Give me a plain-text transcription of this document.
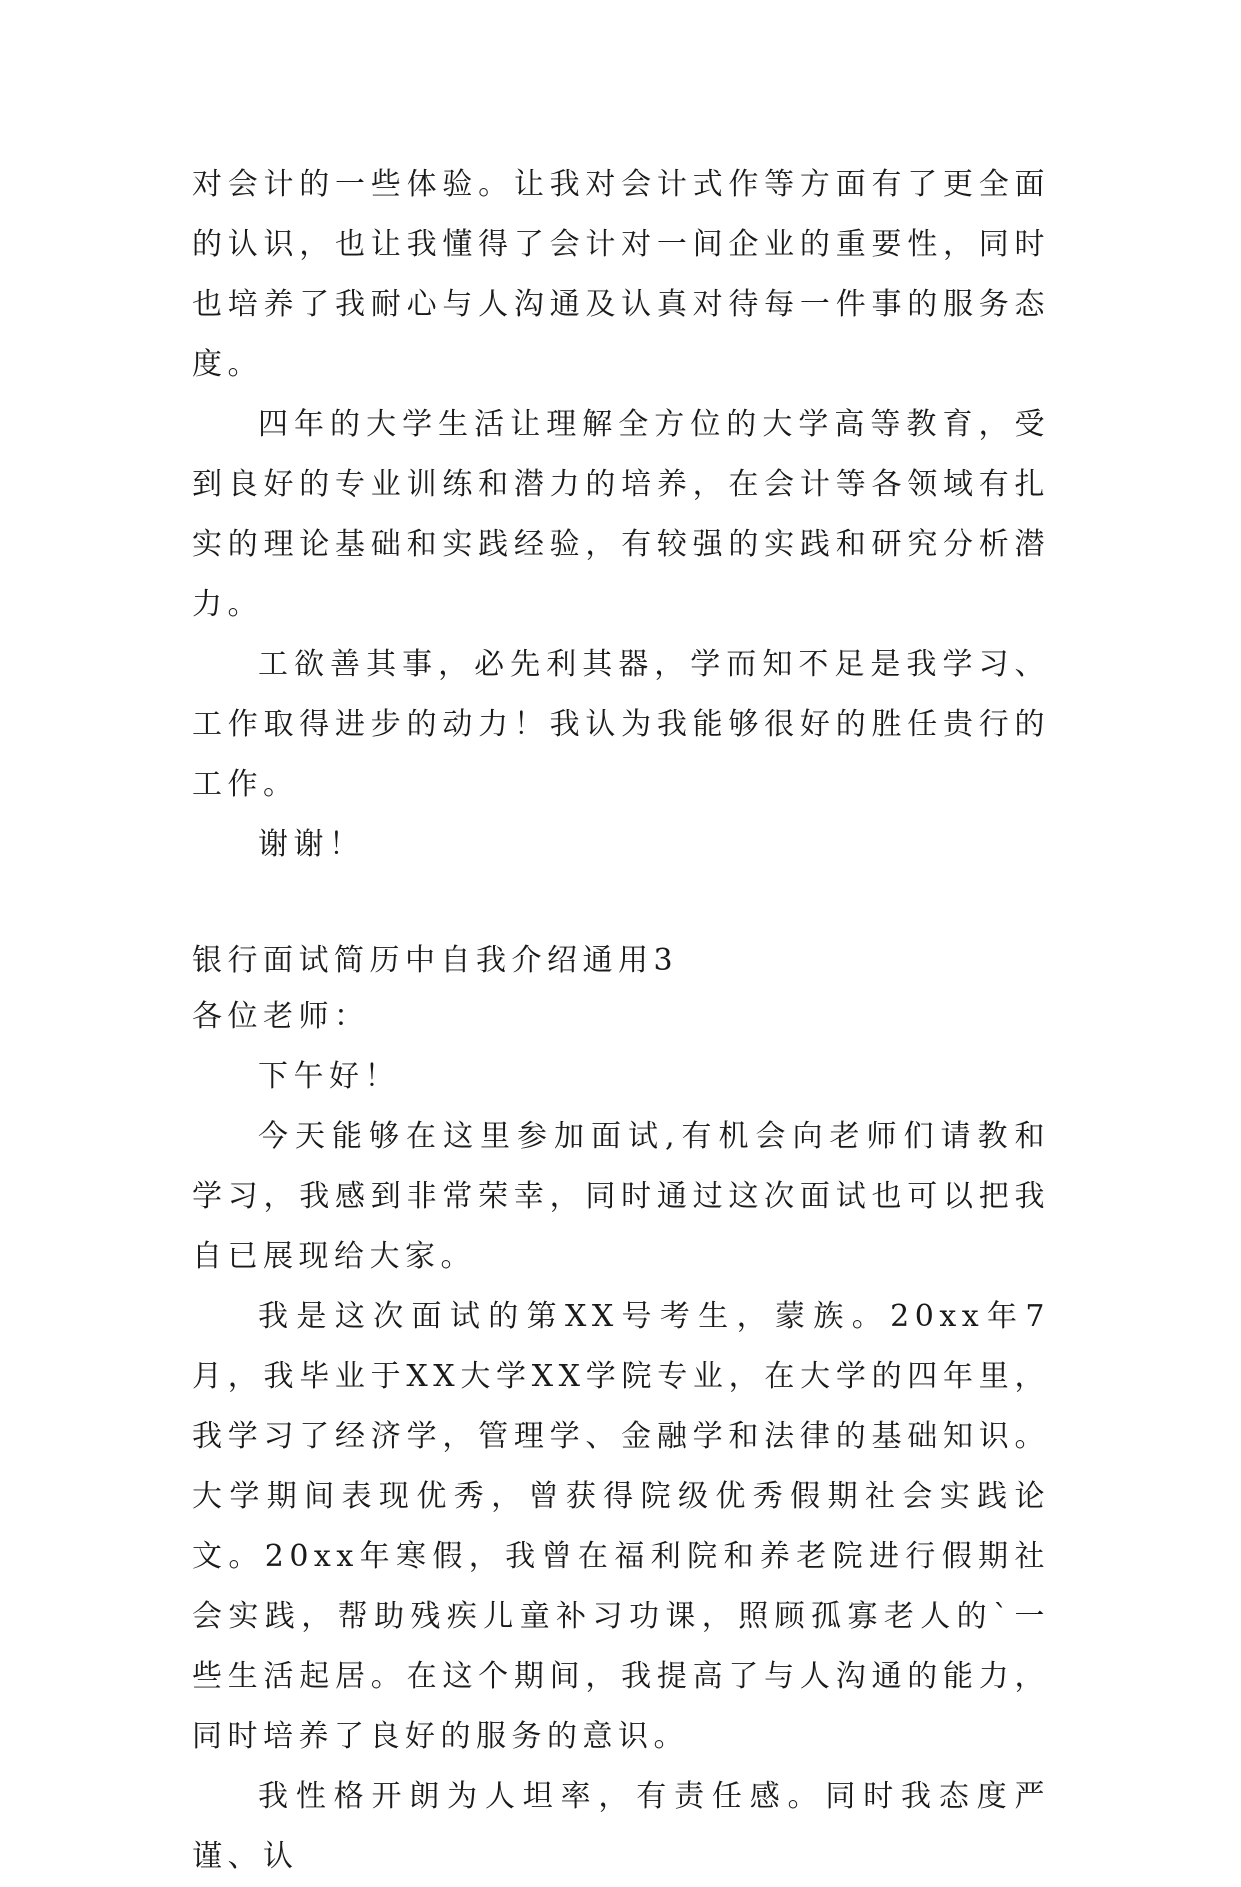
对会计的一些体验。让我对会计式作等方面有了更全面的认识，也让我懂得了会计对一间企业的重要性，同时也培养了我耐心与人沟通及认真对待每一件事的服务态度。

四年的大学生活让理解全方位的大学高等教育，受到良好的专业训练和潜力的培养，在会计等各领域有扎实的理论基础和实践经验，有较强的实践和研究分析潜力。

工欲善其事，必先利其器，学而知不足是我学习、工作取得进步的动力！我认为我能够很好的胜任贵行的工作。

谢谢！

银行面试简历中自我介绍通用3

各位老师：

下午好！

今天能够在这里参加面试,有机会向老师们请教和学习，我感到非常荣幸，同时通过这次面试也可以把我自已展现给大家。

我是这次面试的第XX号考生，蒙族。20xx年7月，我毕业于XX大学XX学院专业，在大学的四年里，我学习了经济学，管理学、金融学和法律的基础知识。大学期间表现优秀，曾获得院级优秀假期社会实践论文。20xx年寒假，我曾在福利院和养老院进行假期社会实践，帮助残疾儿童补习功课，照顾孤寡老人的`一些生活起居。在这个期间，我提高了与人沟通的能力，同时培养了良好的服务的意识。

我性格开朗为人坦率，有责任感。同时我态度严谨、认
